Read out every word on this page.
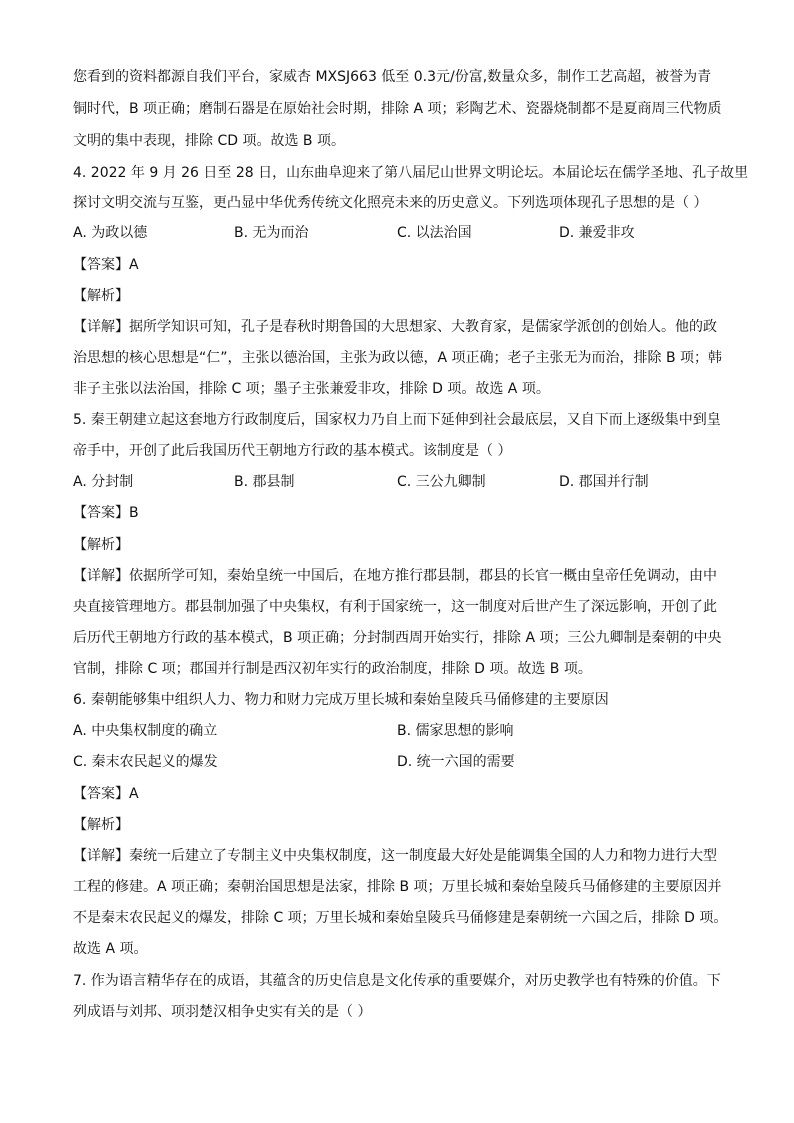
您看到的资料都源自我们平台，家威杏 MXSJ663 低至 0.3元/份富,数量众多，制作工艺高超，被誉为青
铜时代，B 项正确；磨制石器是在原始社会时期，排除 A 项；彩陶艺术、瓷器烧制都不是夏商周三代物质
文明的集中表现，排除 CD 项。故选 B 项。
4. 2022 年 9 月 26 日至 28 日，山东曲阜迎来了第八届尼山世界文明论坛。本届论坛在儒学圣地、孔子故里
探讨文明交流与互鉴，更凸显中华优秀传统文化照亮未来的历史意义。下列选项体现孔子思想的是（ ）
A. 为政以德	B. 无为而治	C. 以法治国	D. 兼爱非攻
【答案】A
【解析】
【详解】据所学知识可知，孔子是春秋时期鲁国的大思想家、大教育家，是儒家学派创的创始人。他的政
治思想的核心思想是“仁”，主张以德治国，主张为政以德，A 项正确；老子主张无为而治，排除 B 项；韩
非子主张以法治国，排除 C 项；墨子主张兼爱非攻，排除 D 项。故选 A 项。
5. 秦王朝建立起这套地方行政制度后，国家权力乃自上而下延伸到社会最底层，又自下而上逐级集中到皇
帝手中，开创了此后我国历代王朝地方行政的基本模式。该制度是（ ）
A. 分封制	B. 郡县制	C. 三公九卿制	D. 郡国并行制
【答案】B
【解析】
【详解】依据所学可知，秦始皇统一中国后，在地方推行郡县制，郡县的长官一概由皇帝任免调动，由中
央直接管理地方。郡县制加强了中央集权，有利于国家统一，这一制度对后世产生了深远影响，开创了此
后历代王朝地方行政的基本模式，B 项正确；分封制西周开始实行，排除 A 项；三公九卿制是秦朝的中央
官制，排除 C 项；郡国并行制是西汉初年实行的政治制度，排除 D 项。故选 B 项。
6. 秦朝能够集中组织人力、物力和财力完成万里长城和秦始皇陵兵马俑修建的主要原因
A. 中央集权制度的确立	B. 儒家思想的影响
C. 秦末农民起义的爆发	D. 统一六国的需要
【答案】A
【解析】
【详解】秦统一后建立了专制主义中央集权制度，这一制度最大好处是能调集全国的人力和物力进行大型
工程的修建。A 项正确；秦朝治国思想是法家，排除 B 项；万里长城和秦始皇陵兵马俑修建的主要原因并
不是秦末农民起义的爆发，排除 C 项；万里长城和秦始皇陵兵马俑修建是秦朝统一六国之后，排除 D 项。
故选 A 项。
7. 作为语言精华存在的成语，其蕴含的历史信息是文化传承的重要媒介，对历史教学也有特殊的价值。下
列成语与刘邦、项羽楚汉相争史实有关的是（ ）
